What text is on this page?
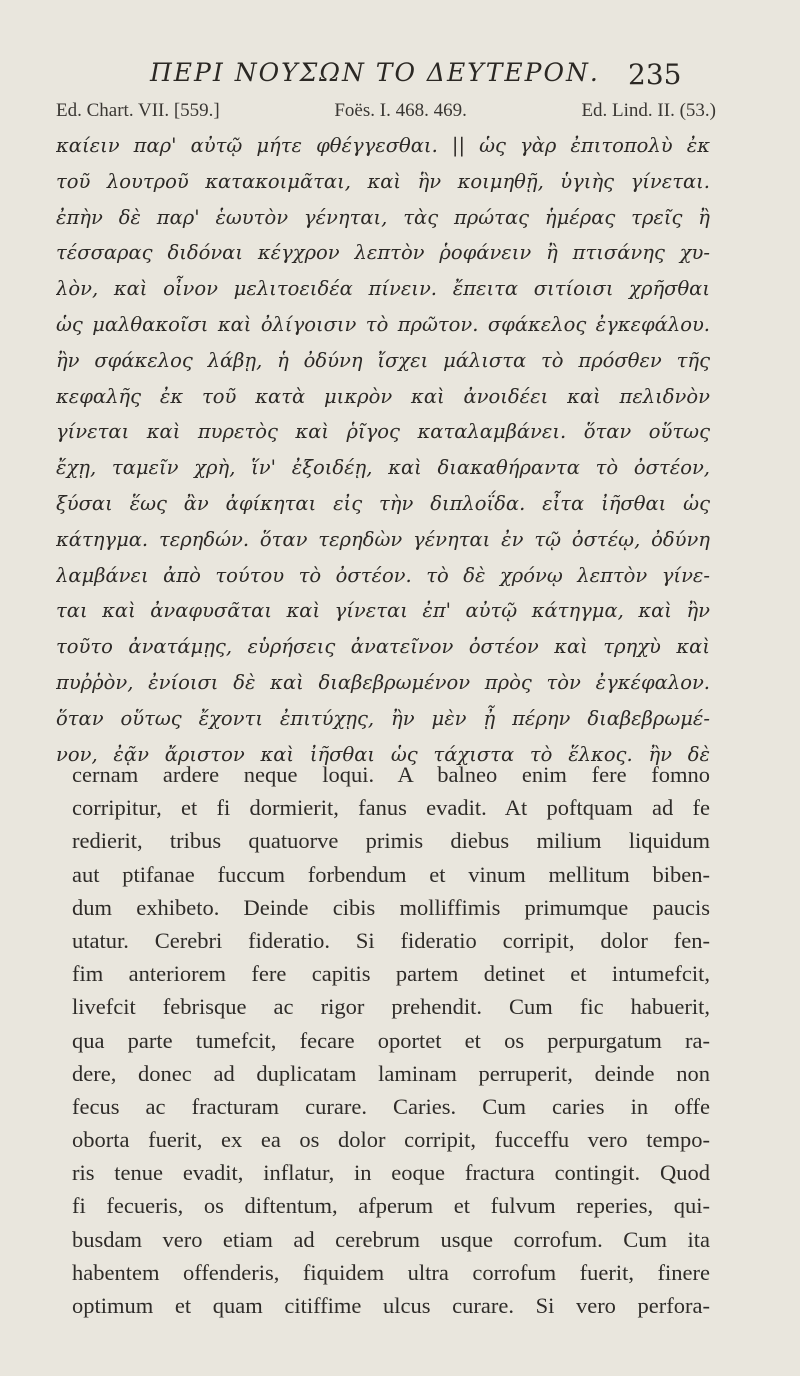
ΠΕΡΙ ΝΟΥΣΩΝ ΤΟ ΔΕΥΤΕΡΟΝ. 235
Ed. Chart. VII. [559.]	Foës. I. 468. 469.	Ed. Lind. II. (53.)
καίειν παρ' αὐτῷ μήτε φθέγγεσθαι. || ὡς γὰρ ἐπιτοπολὺ ἐκ
τοῦ λουτροῦ κατακοιμᾶται, καὶ ἣν κοιμηθῇ, ὑγιὴς γίνεται.
ἐπὴν δὲ παρ' ἑωυτὸν γένηται, τὰς πρώτας ἡμέρας τρεῖς ἢ
τέσσαρας διδόναι κέγχρον λεπτὸν ῥοφάνειν ἢ πτισάνης χυ-
λὸν, καὶ οἶνον μελιτοειδέα πίνειν. ἔπειτα σιτίοισι χρῆσθαι
ὡς μαλθακοῖσι καὶ ὀλίγοισιν τὸ πρῶτον. σφάκελος ἐγκεφάλου.
ἢν σφάκελος λάβῃ, ἡ ὀδύνη ἴσχει μάλιστα τὸ πρόσθεν τῆς
κεφαλῆς ἐκ τοῦ κατὰ μικρὸν καὶ ἀνοιδέει καὶ πελιδνὸν
γίνεται καὶ πυρετὸς καὶ ῥῖγος καταλαμβάνει. ὅταν οὕτως
ἔχῃ, ταμεῖν χρὴ, ἵν' ἐξοιδέῃ, καὶ διακαθήραντα τὸ ὀστέον,
ξύσαι ἕως ἂν ἀφίκηται εἰς τὴν διπλοΐδα. εἶτα ἰῆσθαι ὡς
κάτηγμα. τερηδών. ὅταν τερηδὼν γένηται ἐν τῷ ὀστέῳ, ὀδύνη
λαμβάνει ἀπὸ τούτου τὸ ὀστέον. τὸ δὲ χρόνῳ λεπτὸν γίνε-
ται καὶ ἀναφυσᾶται καὶ γίνεται ἐπ' αὐτῷ κάτηγμα, καὶ ἢν
τοῦτο ἀνατάμῃς, εὑρήσεις ἀνατεῖνον ὀστέον καὶ τρηχὺ καὶ
πυῤῥὸν, ἐνίοισι δὲ καὶ διαβεβρωμένον πρὸς τὸν ἐγκέφαλον.
ὅταν οὕτως ἔχοντι ἐπιτύχῃς, ἢν μὲν ᾖ πέρην διαβεβρωμέ-
νον, ἐᾷν ἄριστον καὶ ἰῆσθαι ὡς τάχιστα τὸ ἕλκος. ἢν δὲ
cernam ardere neque loqui. A balneo enim fere fomno
corripitur, et fi dormierit, fanus evadit. At poftquam ad fe
redierit, tribus quatuorve primis diebus milium liquidum
aut ptifanae fuccum forbendum et vinum mellitum biben-
dum exhibeto. Deinde cibis molliffimis primumque paucis
utatur. Cerebri fideratio. Si fideratio corripit, dolor fen-
fim anteriorem fere capitis partem detinet et intumefcit,
livefcit febrisque ac rigor prehendit. Cum fic habuerit,
qua parte tumefcit, fecare oportet et os perpurgatum ra-
dere, donec ad duplicatam laminam perruperit, deinde non
fecus ac fracturam curare. Caries. Cum caries in offe
oborta fuerit, ex ea os dolor corripit, fucceffu vero tempo-
ris tenue evadit, inflatur, in eoque fractura contingit. Quod
fi fecueris, os diftentum, afperum et fulvum reperies, qui-
busdam vero etiam ad cerebrum usque corrofum. Cum ita
habentem offenderis, fiquidem ultra corrofum fuerit, finere
optimum et quam citiffime ulcus curare. Si vero perfora-
